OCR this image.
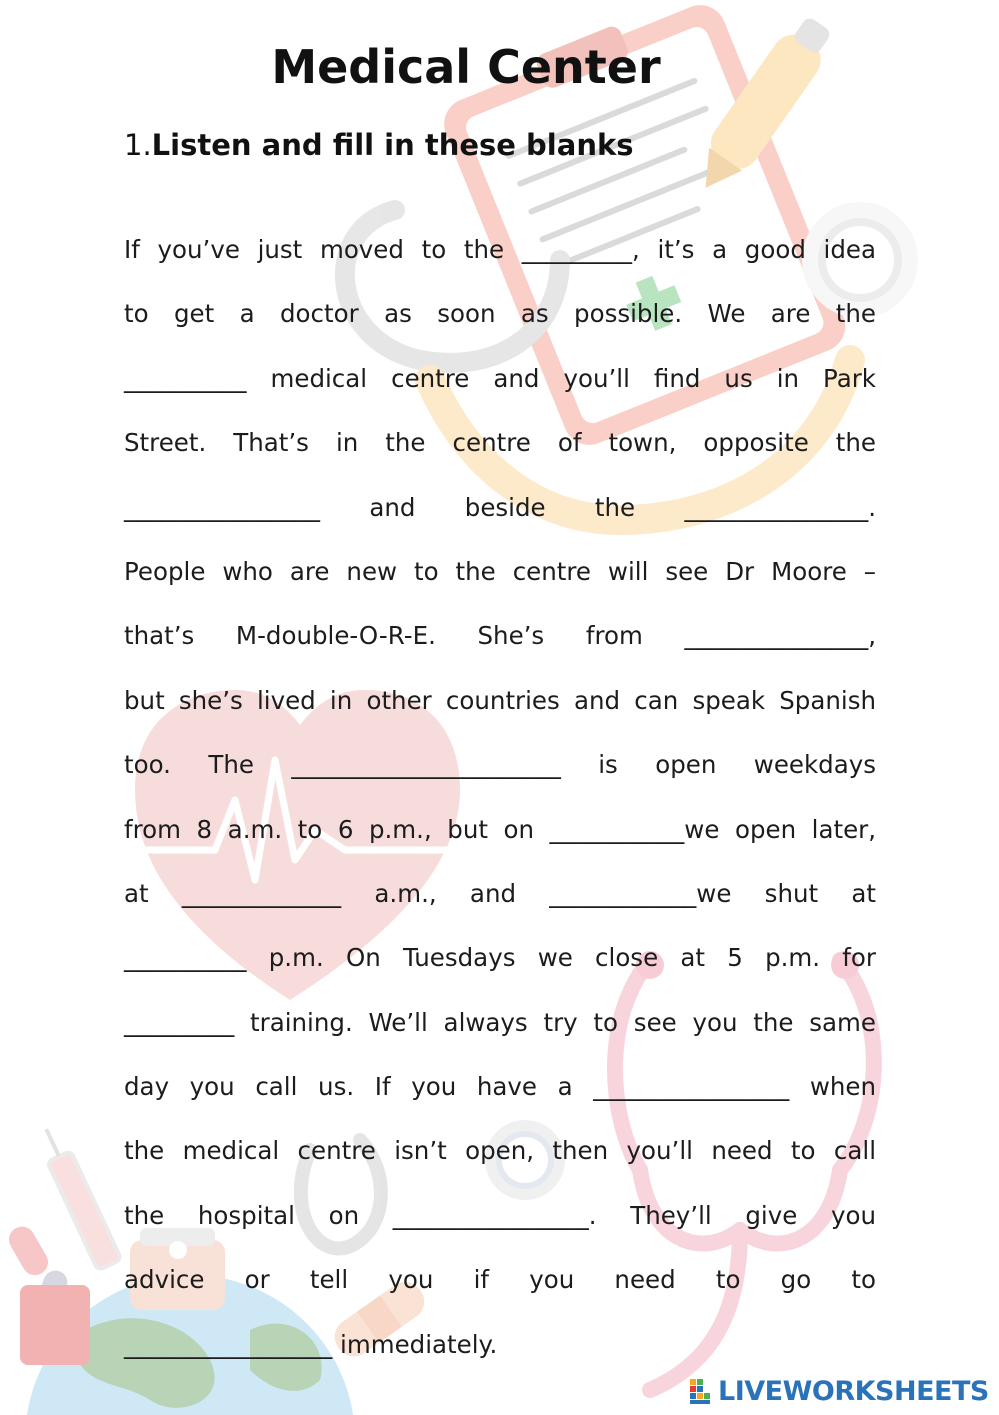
Medical Center
1.Listen and fill in these blanks
If you’ve just moved to the _________, it’s a good idea
to get a doctor as soon as possible. We are the
__________ medical centre and you’ll find us in Park
Street. That’s in the centre of town, opposite the
________________ and beside the _______________.
People who are new to the centre will see Dr Moore –
that’s M-double-O-R-E. She’s from _______________,
but she’s lived in other countries and can speak Spanish
too. The ______________________ is open weekdays
from 8 a.m. to 6 p.m., but on ___________we open later,
at _____________ a.m., and ____________we shut at
__________ p.m. On Tuesdays we close at 5 p.m. for
_________ training. We’ll always try to see you the same
day you call us. If you have a ________________ when
the medical centre isn’t open, then you’ll need to call
the hospital on ________________. They’ll give you
advice or tell you if you need to go to
_________________ immediately.
LIVEWORKSHEETS
